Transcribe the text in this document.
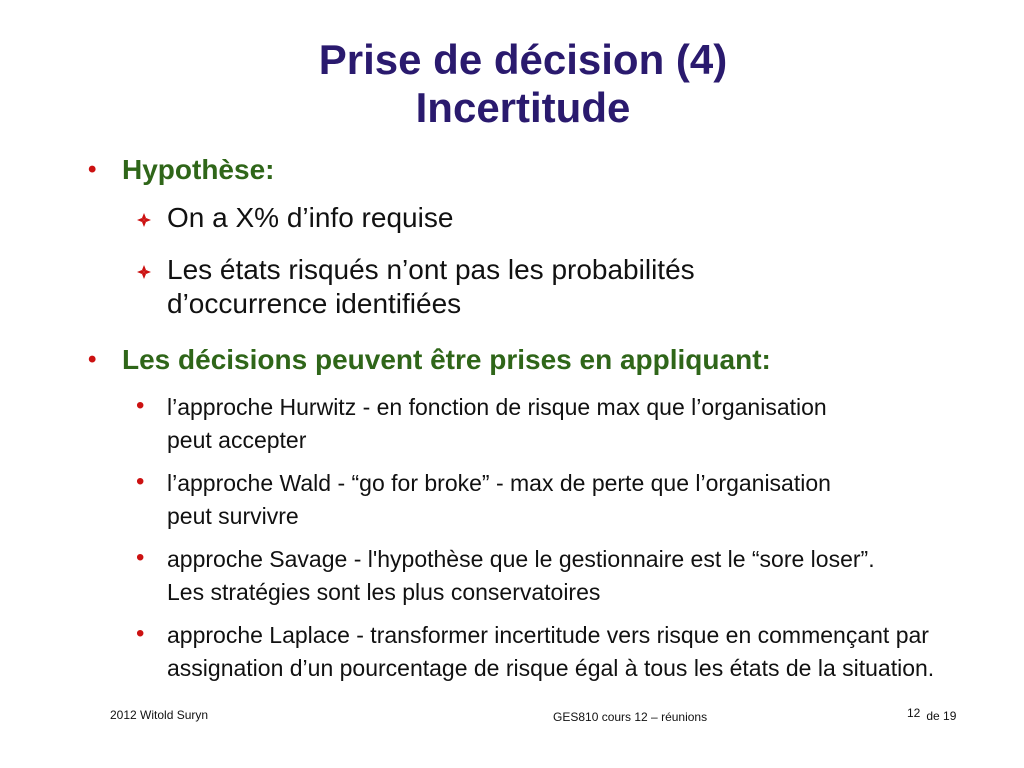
Prise de décision (4)
Incertitude
• Hypothèse:
On a X% d’info requise
Les états risqués n’ont pas les probabilités d’occurrence identifiées
• Les décisions peuvent être prises en appliquant:
• l’approche Hurwitz - en fonction de risque max que l’organisation peut accepter
• l’approche Wald - “go for broke” - max de perte que l’organisation peut survivre
• approche Savage - l'hypothèse que le gestionnaire est le “sore loser”. Les stratégies sont les plus conservatoires
• approche Laplace - transformer incertitude vers risque en commençant par assignation d’un pourcentage de risque égal à tous les états de la situation.
2012 Witold Suryn	GES810 cours 12 – réunions	12 de 19
